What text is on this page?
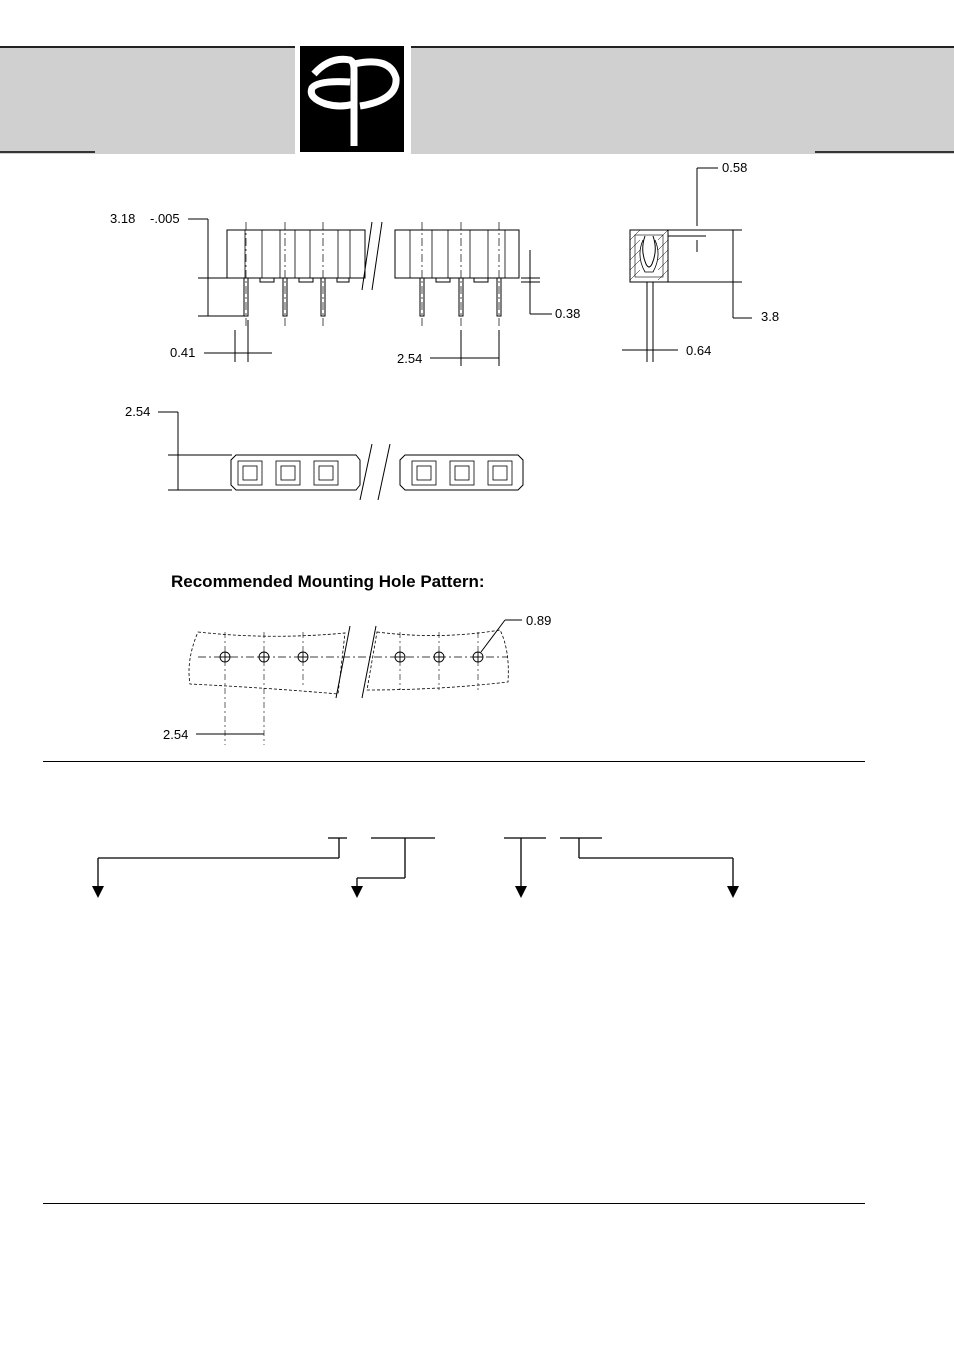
3.18 -.005
0.41	2.54
0.38
0.58
3.8
0.64
2.54
0.89
2.54
Recommended Mounting Hole Pattern:
